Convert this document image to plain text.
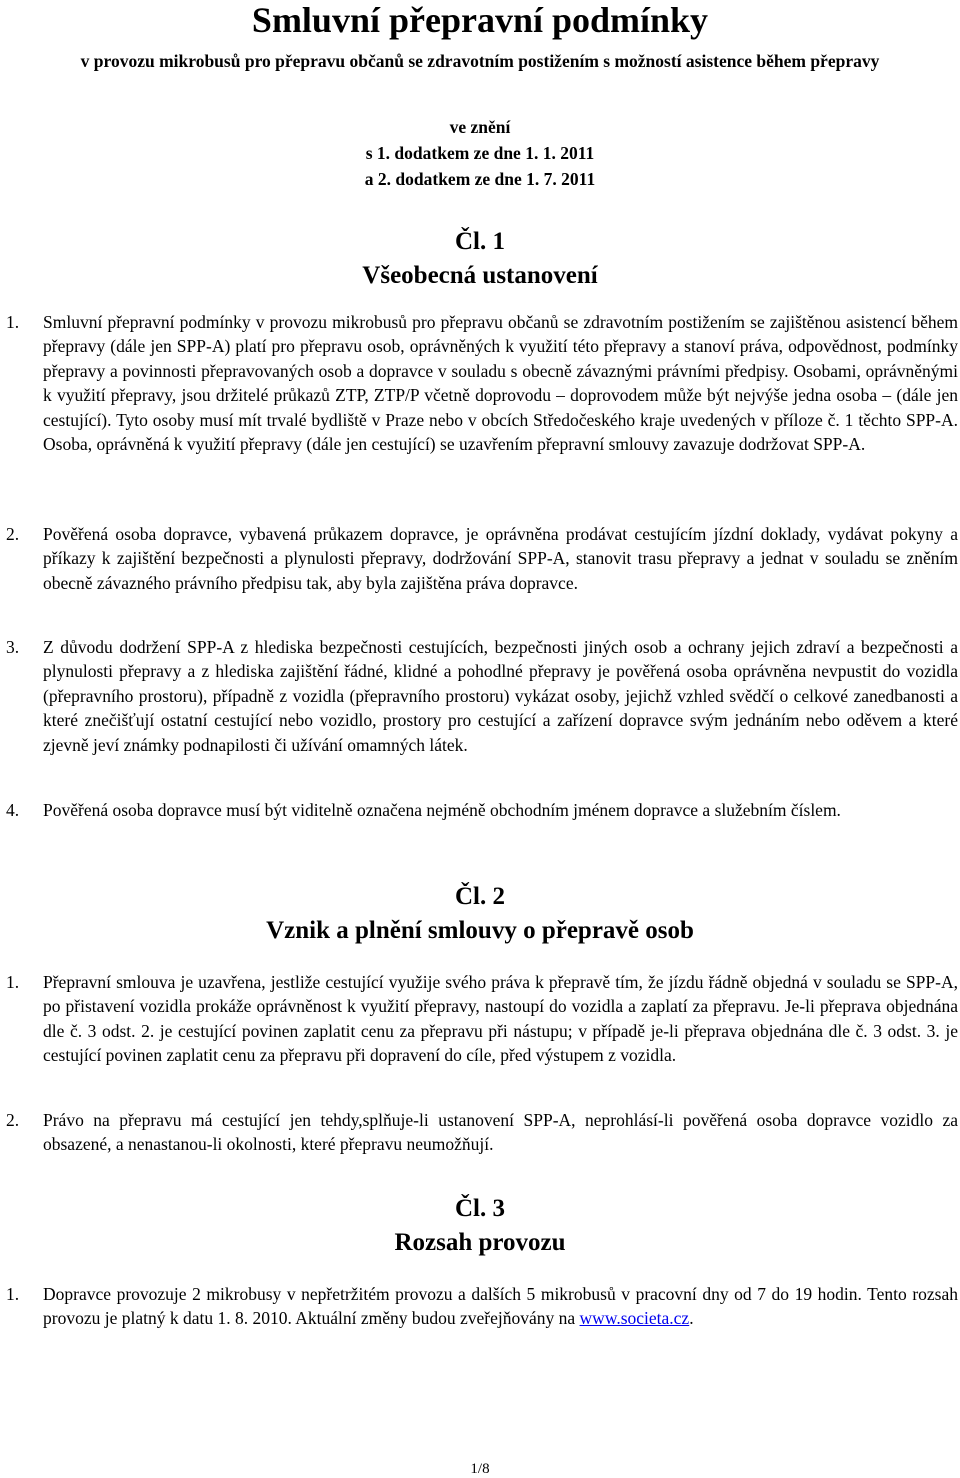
Smluvní přepravní podmínky
v provozu mikrobusů pro přepravu občanů se zdravotním postižením s možností asistence během přepravy
ve znění
s 1. dodatkem ze dne 1. 1. 2011
a 2. dodatkem ze dne 1. 7. 2011
Čl. 1
Všeobecná ustanovení
1.	Smluvní přepravní podmínky v provozu mikrobusů pro přepravu občanů se zdravotním postižením se zajištěnou asistencí během přepravy (dále jen SPP-A) platí pro přepravu osob, oprávněných k využití této přepravy a stanoví práva, odpovědnost, podmínky přepravy a povinnosti přepravovaných osob a dopravce v souladu s obecně závaznými právními předpisy. Osobami, oprávněnými k využití přepravy, jsou držitelé průkazů ZTP, ZTP/P včetně doprovodu – doprovodem může být nejvýše jedna osoba – (dále jen cestující). Tyto osoby musí mít trvalé bydliště v Praze nebo v obcích Středočeského kraje uvedených v příloze č. 1 těchto SPP-A. Osoba, oprávněná k využití přepravy (dále jen cestující) se uzavřením přepravní smlouvy zavazuje dodržovat SPP-A.
2.	Pověřená osoba dopravce, vybavená průkazem dopravce, je oprávněna prodávat cestujícím jízdní doklady, vydávat pokyny a příkazy k zajištění bezpečnosti a plynulosti přepravy, dodržování SPP-A, stanovit trasu přepravy a jednat v souladu se zněním obecně závazného právního předpisu tak, aby byla zajištěna práva dopravce.
3.	Z důvodu dodržení SPP-A z hlediska bezpečnosti cestujících, bezpečnosti jiných osob a ochrany jejich zdraví a bezpečnosti a plynulosti přepravy a z hlediska zajištění řádné, klidné a pohodlné přepravy je pověřená osoba oprávněna nevpustit do vozidla (přepravního prostoru), případně z vozidla (přepravního prostoru) vykázat osoby, jejichž vzhled svědčí o celkové zanedbanosti a které znečišťují ostatní cestující nebo vozidlo, prostory pro cestující a zařízení dopravce svým jednáním nebo oděvem a které zjevně jeví známky podnapilosti či užívání omamných látek.
4.	Pověřená osoba dopravce musí být viditelně označena nejméně obchodním jménem dopravce a služebním číslem.
Čl. 2
Vznik a plnění smlouvy o přepravě osob
1.	Přepravní smlouva je uzavřena, jestliže cestující využije svého práva k přepravě tím, že jízdu řádně objedná v souladu se SPP-A, po přistavení vozidla prokáže oprávněnost k využití přepravy, nastoupí do vozidla a zaplatí za přepravu. Je-li přeprava objednána dle č. 3 odst. 2. je cestující povinen zaplatit cenu za přepravu při nástupu; v případě je-li přeprava objednána dle č. 3 odst. 3. je cestující povinen zaplatit cenu za přepravu při dopravení do cíle, před výstupem z vozidla.
2.	Právo na přepravu má cestující jen tehdy,splňuje-li ustanovení SPP-A, neprohlásí-li pověřená osoba dopravce vozidlo za obsazené, a nenastanou-li okolnosti, které přepravu neumožňují.
Čl. 3
Rozsah provozu
1.	Dopravce provozuje 2 mikrobusy v nepřetržitém provozu a dalších 5 mikrobusů v pracovní dny od 7 do 19 hodin. Tento rozsah provozu je platný k datu 1. 8. 2010. Aktuální změny budou zveřejňovány na www.societa.cz.
1/8
